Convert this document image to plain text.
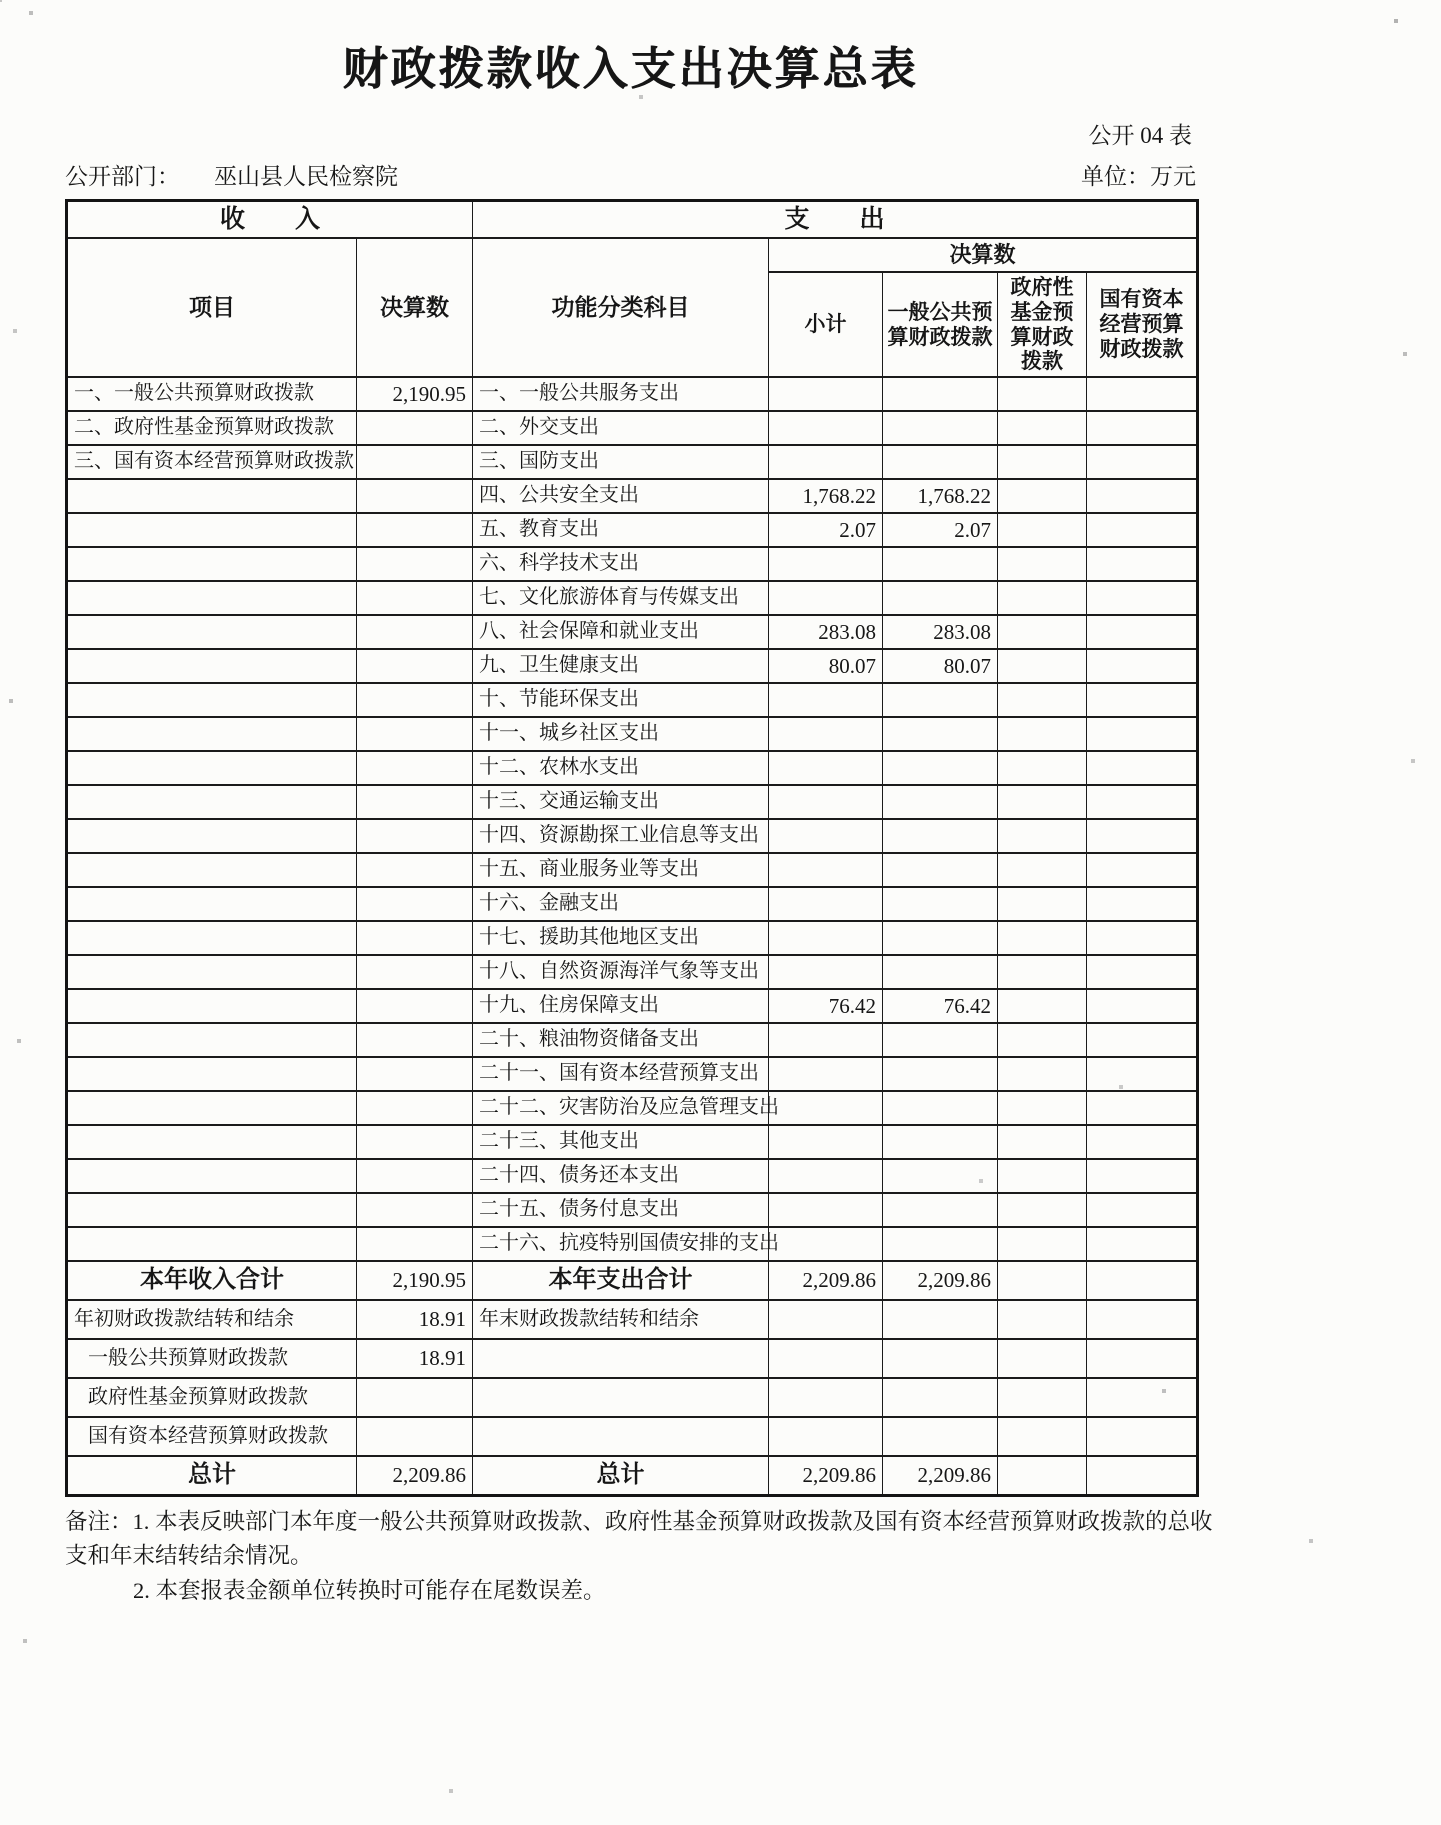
财政拨款收入支出决算总表
公开 04 表
公开部门： 巫山县人民检察院	单位：万元
收　　入		支　　出				
项目	决算数	功能分类科目	决算数			
			小计	一般公共预算财政拨款	政府性基金预算财政拨款	国有资本经营预算财政拨款
一、一般公共预算财政拨款	2,190.95	一、一般公共服务支出				
二、政府性基金预算财政拨款		二、外交支出				
三、国有资本经营预算财政拨款		三、国防支出				
		四、公共安全支出	1,768.22	1,768.22		
		五、教育支出	2.07	2.07		
		六、科学技术支出				
		七、文化旅游体育与传媒支出				
		八、社会保障和就业支出	283.08	283.08		
		九、卫生健康支出	80.07	80.07		
		十、节能环保支出				
		十一、城乡社区支出				
		十二、农林水支出				
		十三、交通运输支出				
		十四、资源勘探工业信息等支出				
		十五、商业服务业等支出				
		十六、金融支出				
		十七、援助其他地区支出				
		十八、自然资源海洋气象等支出				
		十九、住房保障支出	76.42	76.42		
		二十、粮油物资储备支出				
		二十一、国有资本经营预算支出				
		二十二、灾害防治及应急管理支出				
		二十三、其他支出				
		二十四、债务还本支出				
		二十五、债务付息支出				
		二十六、抗疫特别国债安排的支出				
本年收入合计	2,190.95	本年支出合计	2,209.86	2,209.86		
年初财政拨款结转和结余	18.91	年末财政拨款结转和结余				
一般公共预算财政拨款	18.91					
政府性基金预算财政拨款						
国有资本经营预算财政拨款						
总计	2,209.86	总计	2,209.86	2,209.86		

备注：1. 本表反映部门本年度一般公共预算财政拨款、政府性基金预算财政拨款及国有资本经营预算财政拨款的总收支和年末结转结余情况。

2. 本套报表金额单位转换时可能存在尾数误差。
